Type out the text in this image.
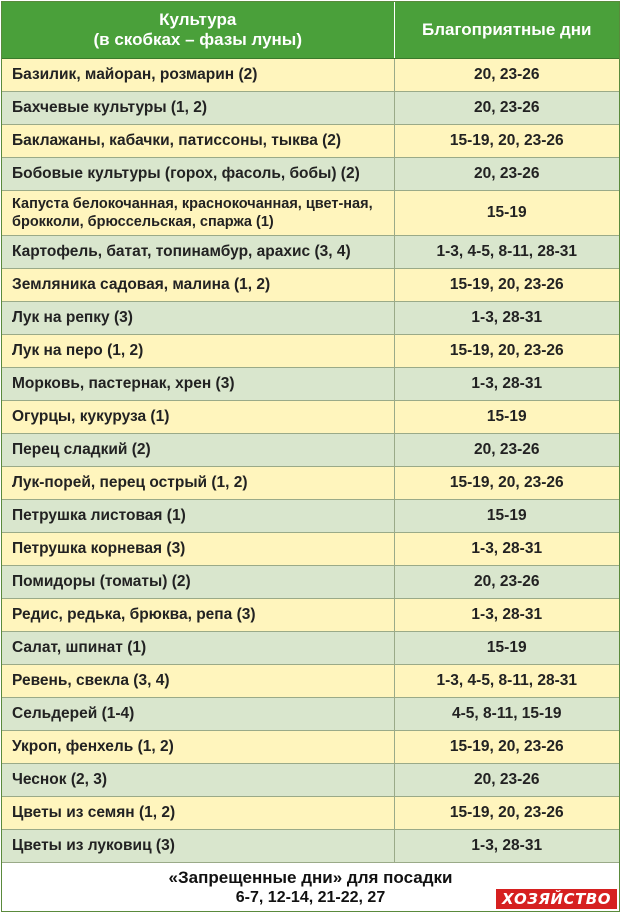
Культура
(в скобках – фазы луны)	Благоприятные дни
Базилик, майоран, розмарин (2)	20, 23-26
Бахчевые культуры (1, 2)	20, 23-26
Баклажаны, кабачки, патиссоны, тыква (2)	15-19, 20, 23-26
Бобовые культуры (горох, фасоль, бобы) (2)	20, 23-26
Капуста белокочанная, краснокочанная, цвет-ная, брокколи, брюссельская, спаржа (1)	15-19
Картофель, батат, топинамбур, арахис (3, 4)	1-3, 4-5, 8-11, 28-31
Земляника садовая, малина (1, 2)	15-19, 20, 23-26
Лук на репку (3)	1-3, 28-31
Лук на перо (1, 2)	15-19, 20, 23-26
Морковь, пастернак, хрен (3)	1-3, 28-31
Огурцы, кукуруза (1)	15-19
Перец сладкий (2)	20, 23-26
Лук-порей, перец острый (1, 2)	15-19, 20, 23-26
Петрушка листовая (1)	15-19
Петрушка корневая (3)	1-3, 28-31
Помидоры (томаты) (2)	20, 23-26
Редис, редька, брюква, репа (3)	1-3, 28-31
Салат, шпинат (1)	15-19
Ревень, свекла (3, 4)	1-3, 4-5, 8-11, 28-31
Сельдерей (1-4)	4-5, 8-11, 15-19
Укроп, фенхель (1, 2)	15-19, 20, 23-26
Чеснок (2, 3)	20, 23-26
Цветы из семян (1, 2)	15-19, 20, 23-26
Цветы из луковиц (3)	1-3, 28-31
«Запрещенные дни» для посадки
6-7, 12-14, 21-22, 27	ХОЗЯЙСТВО
